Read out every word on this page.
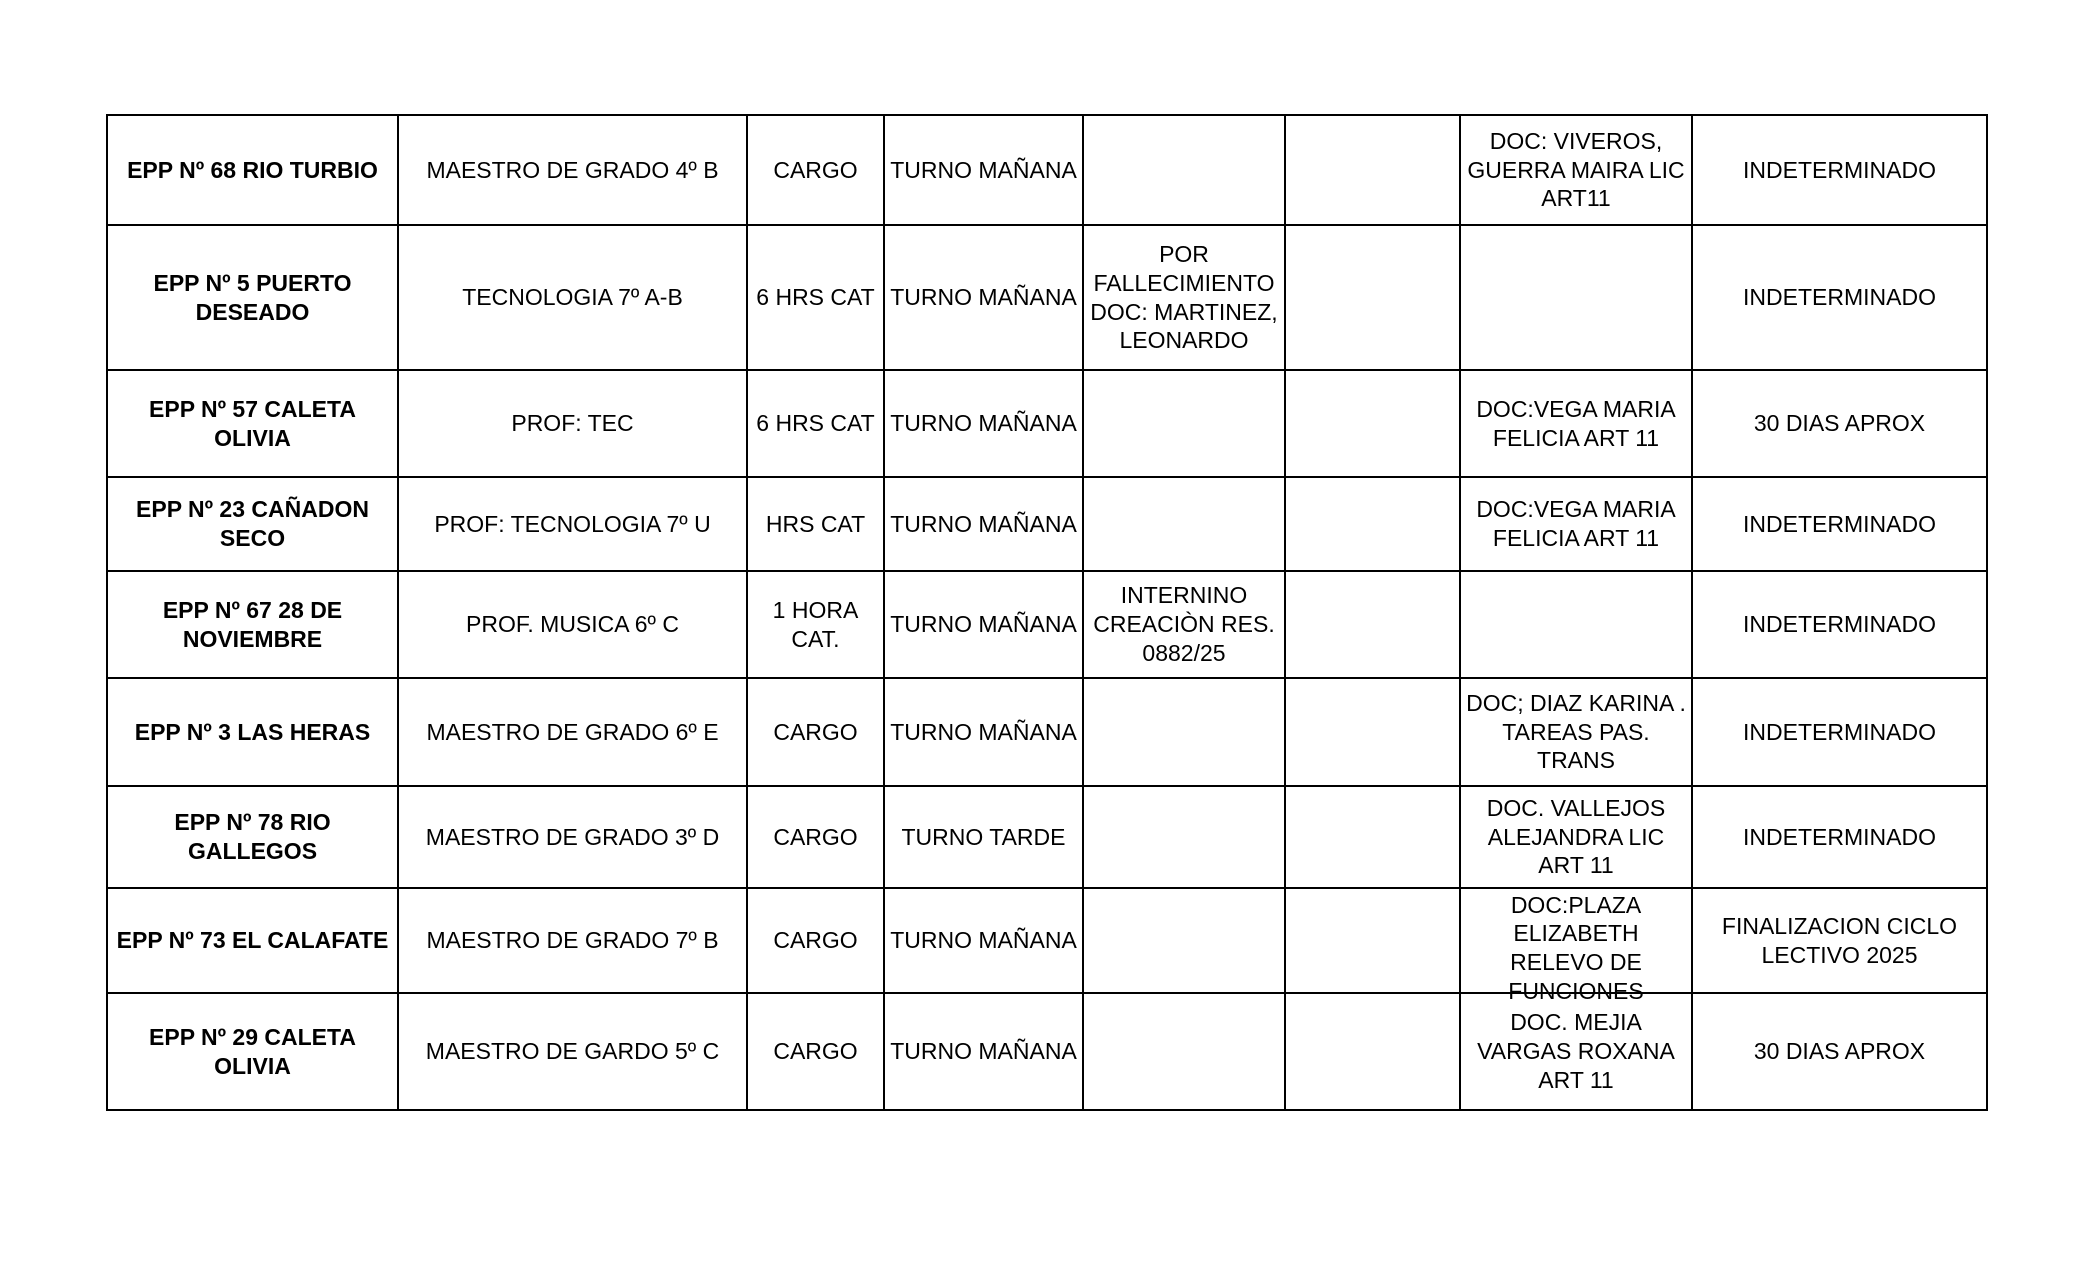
EPP Nº 68 RIO TURBIO	MAESTRO DE GRADO 4º B	CARGO	TURNO MAÑANA			DOC: VIVEROS, GUERRA MAIRA LIC ART11	INDETERMINADO
EPP Nº 5 PUERTO DESEADO	TECNOLOGIA 7º A-B	6 HRS CAT	TURNO MAÑANA	POR FALLECIMIENTO DOC: MARTINEZ, LEONARDO			INDETERMINADO
EPP Nº 57 CALETA OLIVIA	PROF: TEC	6 HRS CAT	TURNO MAÑANA			DOC:VEGA MARIA FELICIA ART 11	30 DIAS APROX
EPP Nº 23 CAÑADON SECO	PROF: TECNOLOGIA 7º U	HRS CAT	TURNO MAÑANA			DOC:VEGA MARIA FELICIA ART 11	INDETERMINADO
EPP Nº 67 28 DE NOVIEMBRE	PROF. MUSICA 6º C	1 HORA CAT.	TURNO MAÑANA	INTERNINO CREACIÒN RES. 0882/25			INDETERMINADO
EPP Nº 3 LAS HERAS	MAESTRO DE GRADO 6º E	CARGO	TURNO MAÑANA			DOC; DIAZ KARINA . TAREAS PAS. TRANS	INDETERMINADO
EPP Nº 78 RIO GALLEGOS	MAESTRO DE GRADO 3º D	CARGO	TURNO TARDE			DOC. VALLEJOS ALEJANDRA LIC ART 11	INDETERMINADO
EPP Nº 73 EL CALAFATE	MAESTRO DE GRADO 7º B	CARGO	TURNO MAÑANA			DOC:PLAZA ELIZABETH RELEVO DE FUNCIONES	FINALIZACION CICLO LECTIVO 2025
EPP Nº 29 CALETA OLIVIA	MAESTRO DE GARDO 5º C	CARGO	TURNO MAÑANA			DOC. MEJIA VARGAS ROXANA ART 11	30 DIAS APROX
